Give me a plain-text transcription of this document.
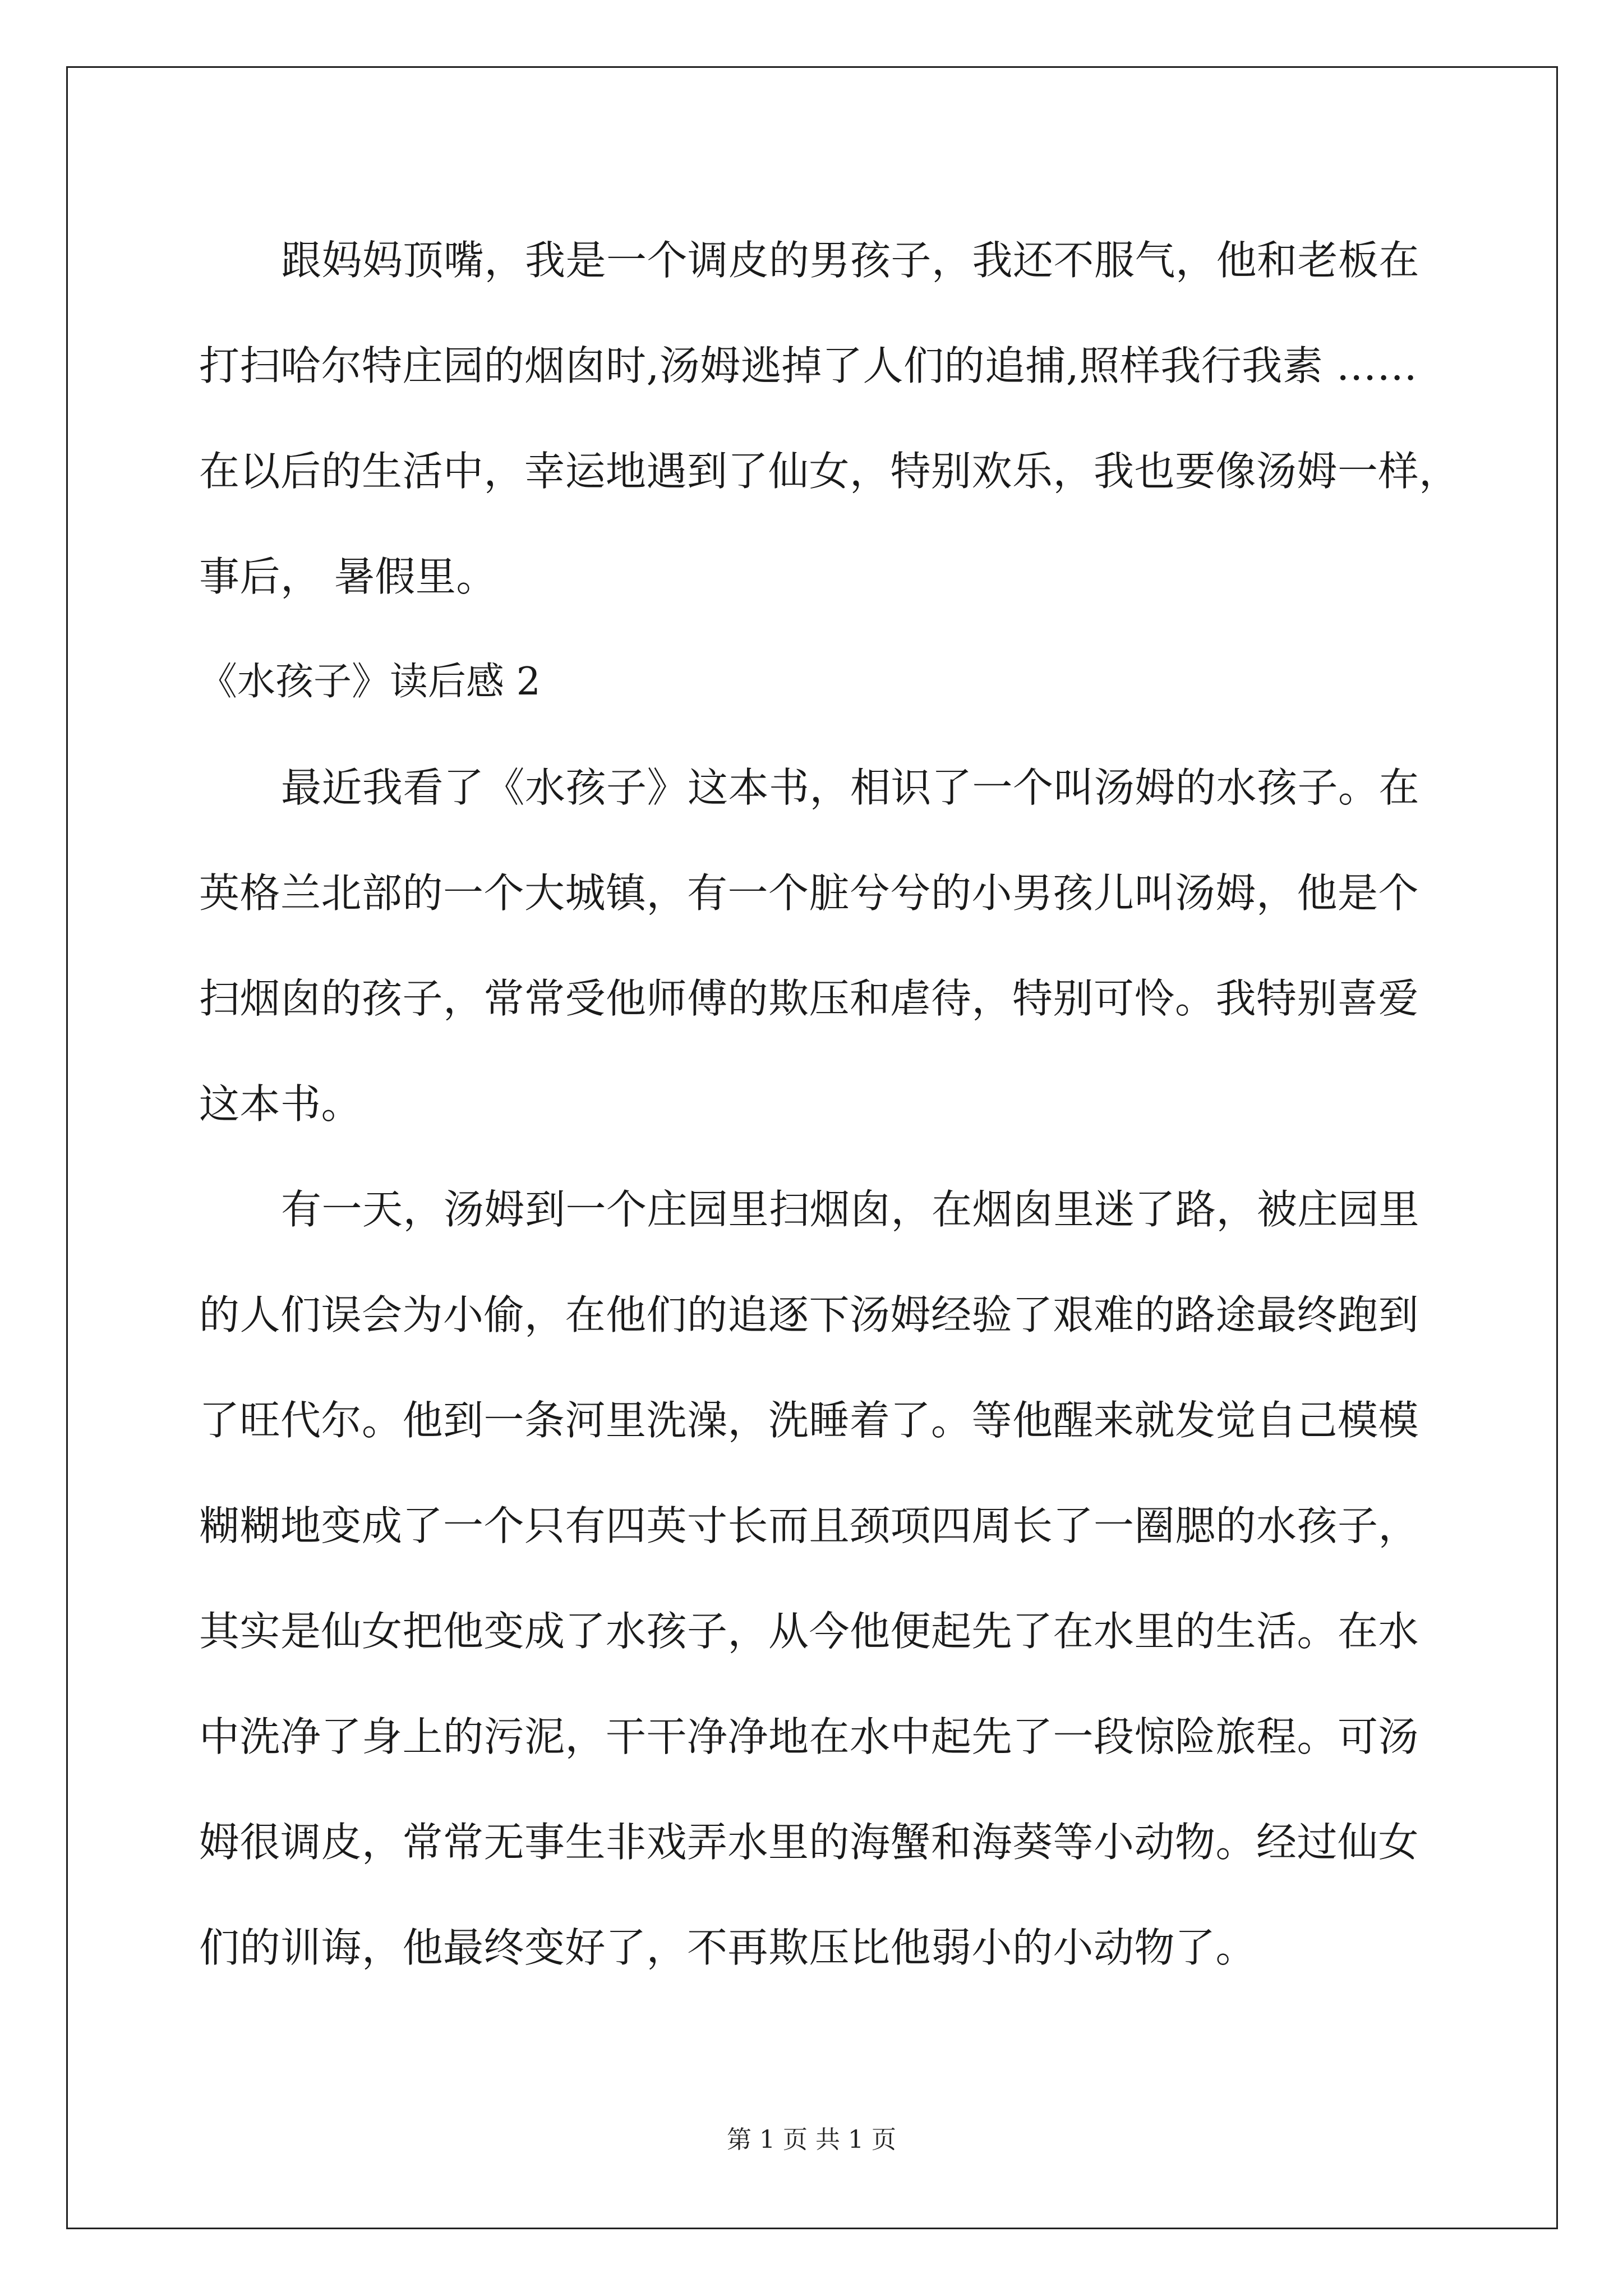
跟妈妈顶嘴，我是一个调皮的男孩子，我还不服气，他和老板在
打扫哈尔特庄园的烟囱时,汤姆逃掉了人们的追捕,照样我行我素 ……
在以后的生活中，幸运地遇到了仙女，特别欢乐，我也要像汤姆一样，
事后， 暑假里。
《水孩子》读后感 2
最近我看了《水孩子》这本书，相识了一个叫汤姆的水孩子。在
英格兰北部的一个大城镇，有一个脏兮兮的小男孩儿叫汤姆，他是个
扫烟囱的孩子，常常受他师傅的欺压和虐待，特别可怜。我特别喜爱
这本书。
有一天，汤姆到一个庄园里扫烟囱，在烟囱里迷了路，被庄园里
的人们误会为小偷，在他们的追逐下汤姆经验了艰难的路途最终跑到
了旺代尔。他到一条河里洗澡，洗睡着了。等他醒来就发觉自己模模
糊糊地变成了一个只有四英寸长而且颈项四周长了一圈腮的水孩子，
其实是仙女把他变成了水孩子，从今他便起先了在水里的生活。在水
中洗净了身上的污泥，干干净净地在水中起先了一段惊险旅程。可汤
姆很调皮，常常无事生非戏弄水里的海蟹和海葵等小动物。经过仙女
们的训诲，他最终变好了，不再欺压比他弱小的小动物了。
第 1 页 共 1 页
